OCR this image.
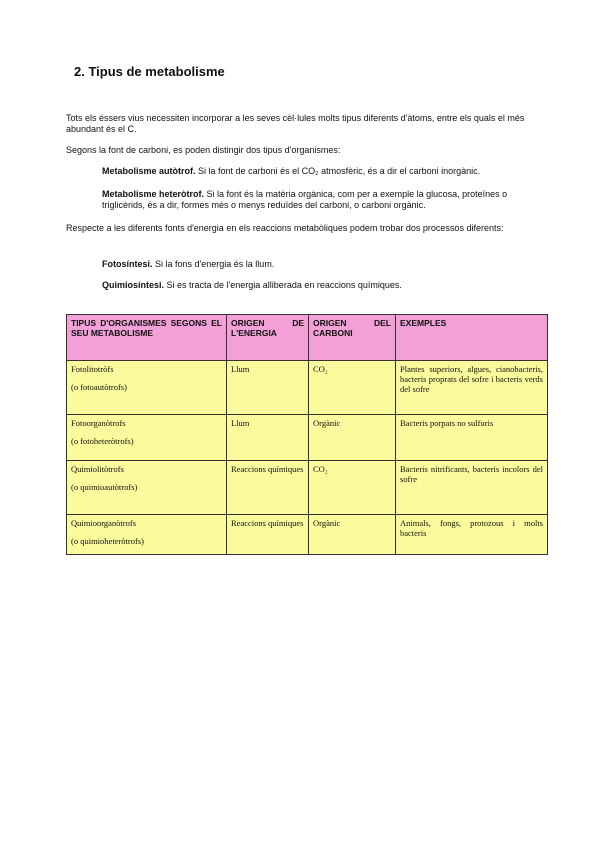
2. Tipus de metabolisme

Tots els éssers vius necessiten incorporar a les seves cèl·lules molts tipus diferents d'àtoms, entre els quals el més abundant és el C.

Segons la font de carboni, es poden distingir dos tipus d'organismes:

Metabolisme autòtrof. Si la font de carboni és el CO₂ atmosfèric, és a dir el carboni inorgànic.

Metabolisme heteròtrof. Si la font és la matèria orgànica, com per a exemple la glucosa, proteïnes o triglicèrids, és a dir, formes més o menys reduïdes del carboni, o carboni orgànic.

Respecte a les diferents fonts d'energia en els reaccions metabòliques podem trobar dos processos diferents:

Fotosíntesi. Si la fons d'energia és la llum.

Quimiosíntesi. Si es tracta de l'energia alliberada en reaccions químiques.

TIPUS D'ORGANISMES SEGONS EL SEU METABOLISME	ORIGEN DE L'ENERGIA	ORIGEN DEL CARBONI	EXEMPLES
Fotolitotròfs
(o fotoautòtrofs)	Llum	CO₂	Plantes superiors, algues, cianobacteris, bacteris proprats del sofre i bacteris verds del sofre
Fotoorganòtrofs
(o fotoheteròtrofs)	Llum	Orgànic	Bacteris porpats no sulfuris
Quimiolitòtrofs
(o quimioautòtrofs)	Reaccions químiques	CO₂	Bacteris nitrificants, bacteris incolors del sofre
Quimioorganòtrofs
(o quimioheteròtrofs)	Reaccions químiques	Orgànic	Animals, fongs, protozous i molts bacteris
